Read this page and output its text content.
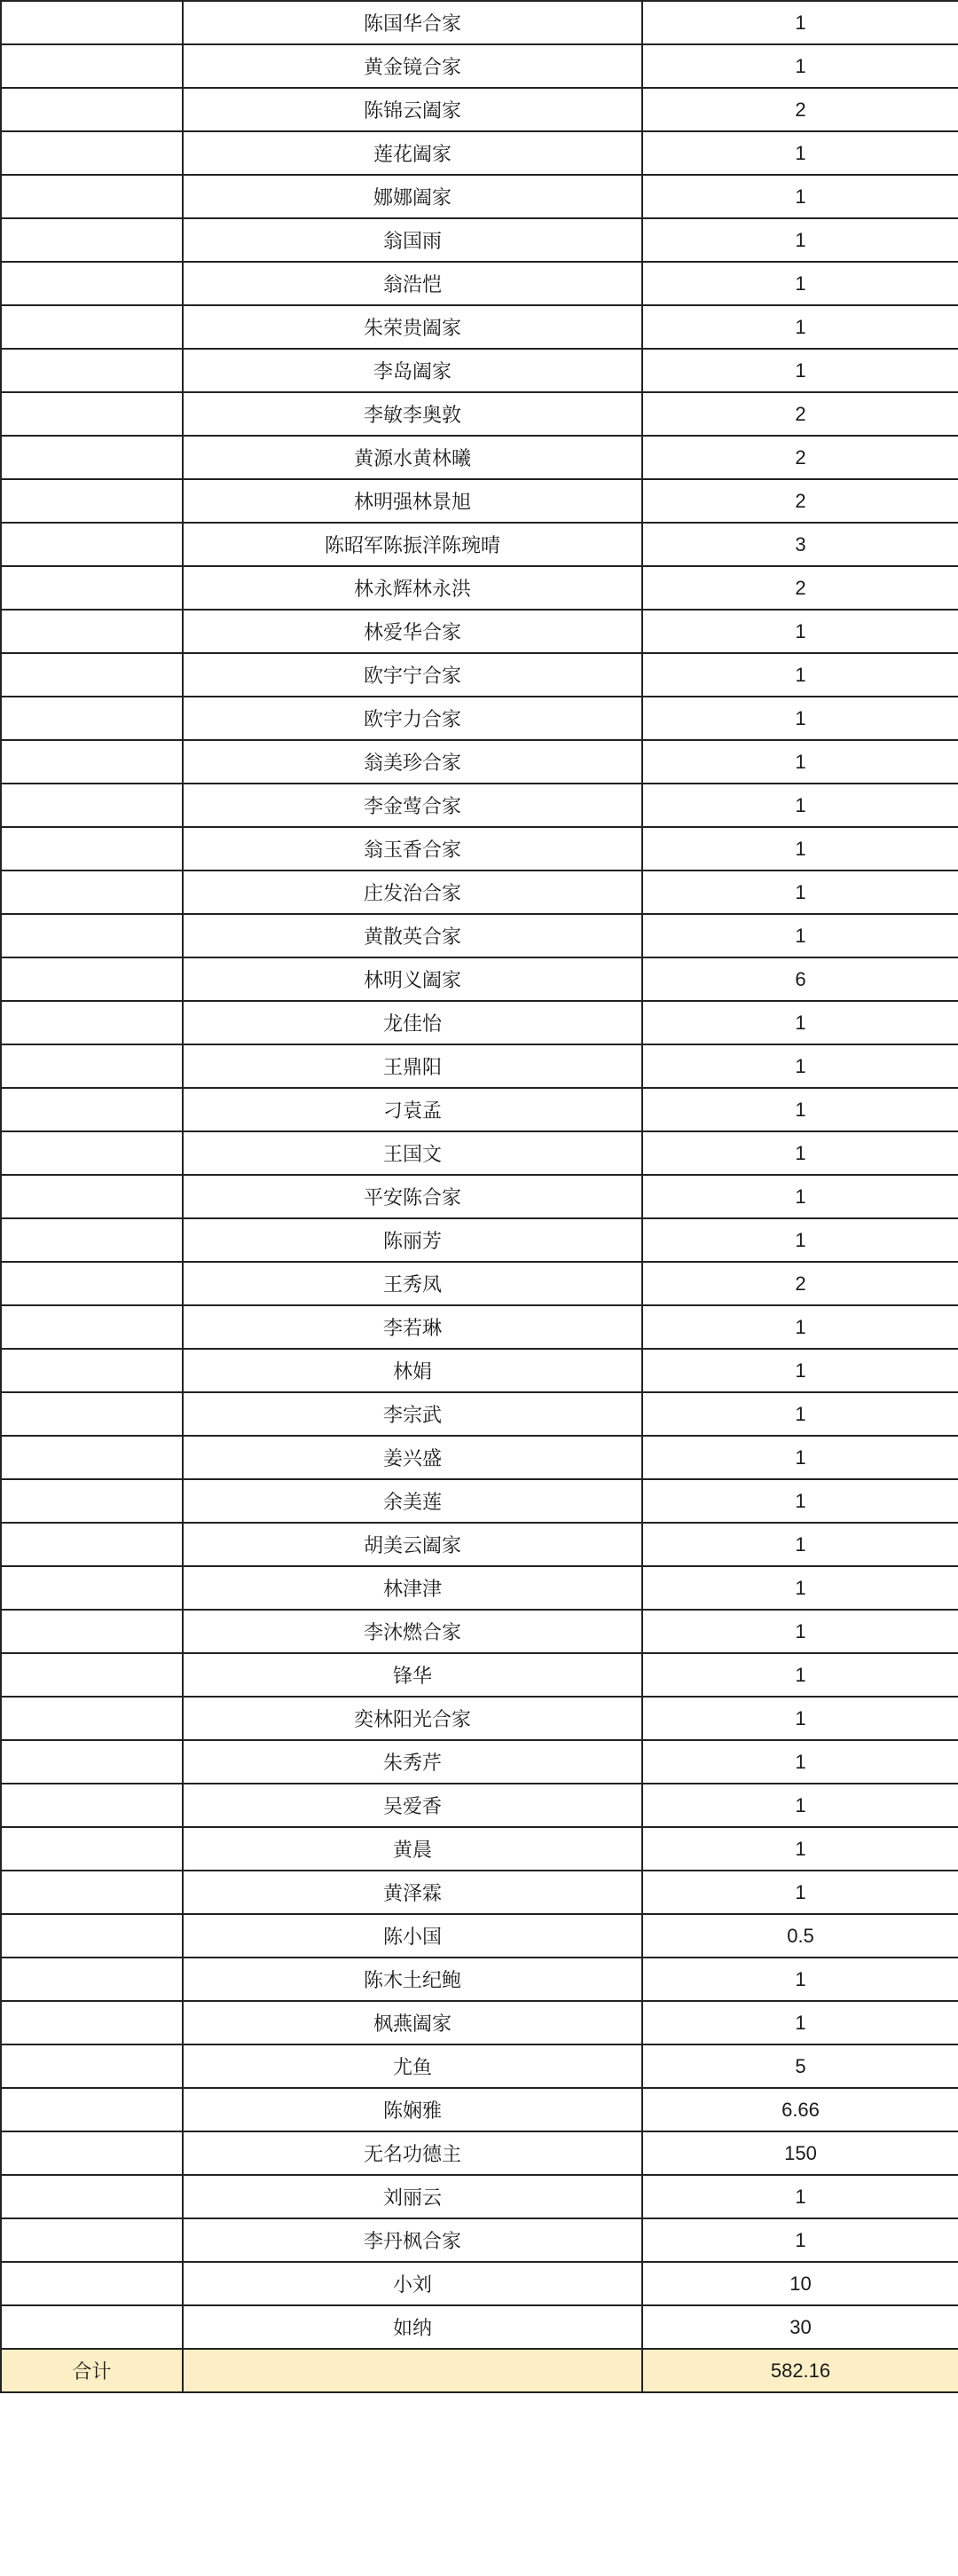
	陈国华合家	1
	黄金镜合家	1
	陈锦云阖家	2
	莲花阖家	1
	娜娜阖家	1
	翁国雨	1
	翁浩恺	1
	朱荣贵阖家	1
	李岛阖家	1
	李敏李奥敦	2
	黄源水黄林曦	2
	林明强林景旭	2
	陈昭军陈振洋陈琬晴	3
	林永辉林永洪	2
	林爱华合家	1
	欧宇宁合家	1
	欧宇力合家	1
	翁美珍合家	1
	李金莺合家	1
	翁玉香合家	1
	庄发治合家	1
	黄散英合家	1
	林明义阖家	6
	龙佳怡	1
	王鼎阳	1
	刁袁孟	1
	王国文	1
	平安陈合家	1
	陈丽芳	1
	王秀凤	2
	李若琳	1
	林娟	1
	李宗武	1
	姜兴盛	1
	余美莲	1
	胡美云阖家	1
	林津津	1
	李沐燃合家	1
	锋华	1
	奕林阳光合家	1
	朱秀芹	1
	吴爱香	1
	黄晨	1
	黄泽霖	1
	陈小国	0.5
	陈木土纪鲍	1
	枫燕阖家	1
	尤鱼	5
	陈娴雅	6.66
	无名功德主	150
	刘丽云	1
	李丹枫合家	1
	小刘	10
	如纳	30
合计		582.16
